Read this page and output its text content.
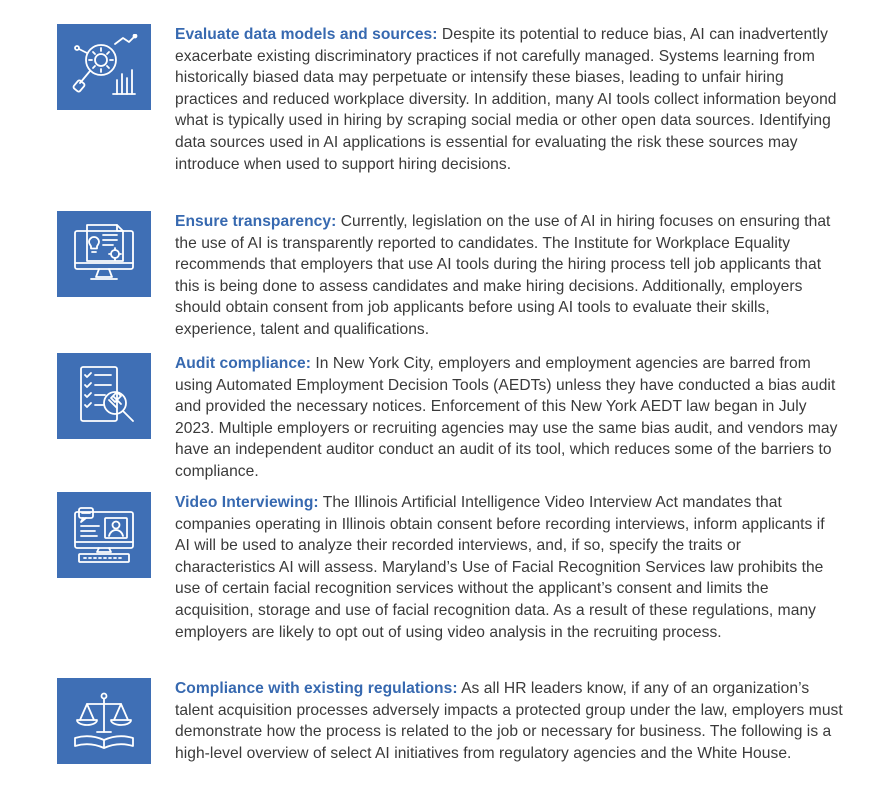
Evaluate data models and sources: Despite its potential to reduce bias, AI can inadvertently exacerbate existing discriminatory practices if not carefully managed. Systems learning from historically biased data may perpetuate or intensify these biases, leading to unfair hiring practices and reduced workplace diversity. In addition, many AI tools collect information beyond what is typically used in hiring by scraping social media or other open data sources. Identifying data sources used in AI applications is essential for evaluating the risk these sources may introduce when used to support hiring decisions.

Ensure transparency: Currently, legislation on the use of AI in hiring focuses on ensuring that the use of AI is transparently reported to candidates. The Institute for Workplace Equality recommends that employers that use AI tools during the hiring process tell job applicants that this is being done to assess candidates and make hiring decisions. Additionally, employers should obtain consent from job applicants before using AI tools to evaluate their skills, experience, talent and qualifications.

Audit compliance: In New York City, employers and employment agencies are barred from using Automated Employment Decision Tools (AEDTs) unless they have conducted a bias audit and provided the necessary notices. Enforcement of this New York AEDT law began in July 2023. Multiple employers or recruiting agencies may use the same bias audit, and vendors may have an independent auditor conduct an audit of its tool, which reduces some of the barriers to compliance.

Video Interviewing: The Illinois Artificial Intelligence Video Interview Act mandates that companies operating in Illinois obtain consent before recording interviews, inform applicants if AI will be used to analyze their recorded interviews, and, if so, specify the traits or characteristics AI will assess. Maryland’s Use of Facial Recognition Services law prohibits the use of certain facial recognition services without the applicant’s consent and limits the acquisition, storage and use of facial recognition data. As a result of these regulations, many employers are likely to opt out of using video analysis in the recruiting process.

Compliance with existing regulations: As all HR leaders know, if any of an organization’s talent acquisition processes adversely impacts a protected group under the law, employers must demonstrate how the process is related to the job or necessary for business. The following is a high-level overview of select AI initiatives from regulatory agencies and the White House.
